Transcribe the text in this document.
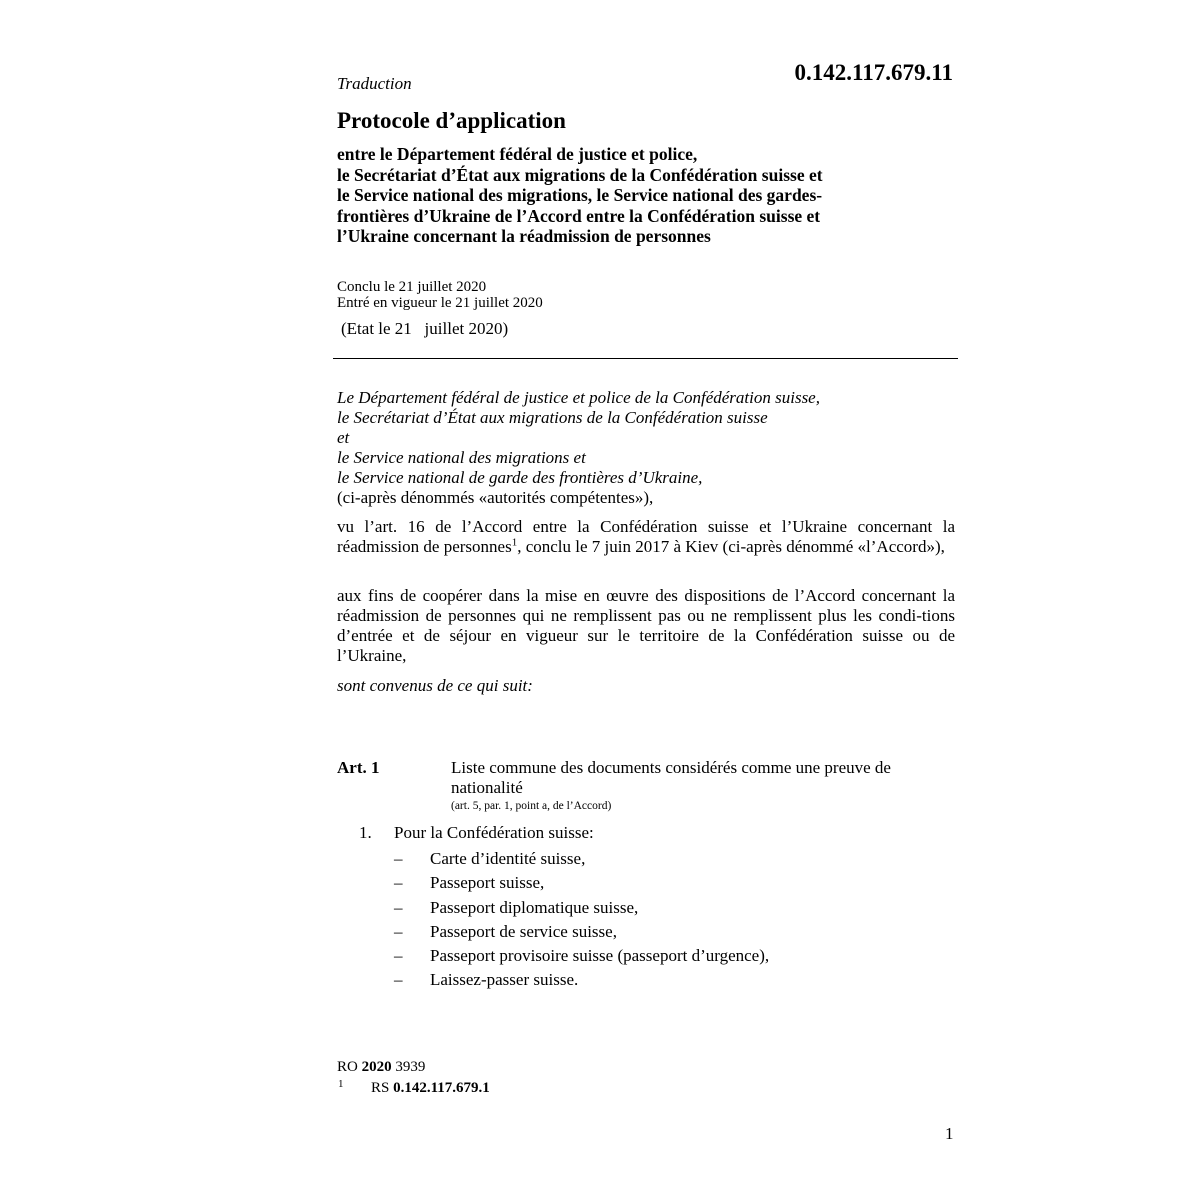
0.142.117.679.11
Traduction
Protocole d’application
entre le Département fédéral de justice et police,
le Secrétariat d’État aux migrations de la Confédération suisse et
le Service national des migrations, le Service national des gardes-
frontières d’Ukraine de l’Accord entre la Confédération suisse et
l’Ukraine concernant la réadmission de personnes
Conclu le 21 juillet 2020
Entré en vigueur le 21 juillet 2020
(Etat le 21   juillet 2020)
Le Département fédéral de justice et police de la Confédération suisse,
le Secrétariat d’État aux migrations de la Confédération suisse
et
le Service national des migrations et
le Service national de garde des frontières d’Ukraine,
(ci-après dénommés «autorités compétentes»),
vu l’art. 16 de l’Accord entre la Confédération suisse et l’Ukraine concernant la réadmission de personnes$^1$, conclu le 7 juin 2017 à Kiev (ci-après dénommé «l’Accord»),
aux fins de coopérer dans la mise en œuvre des dispositions de l’Accord concernant la réadmission de personnes qui ne remplissent pas ou ne remplissent plus les condi-tions d’entrée et de séjour en vigueur sur le territoire de la Confédération suisse ou de l’Ukraine,
sont convenus de ce qui suit:
Art. 1	Liste commune des documents considérés comme une preuve de nationalité
(art. 5, par. 1, point a, de l’Accord)
1. Pour la Confédération suisse:
–	Carte d’identité suisse,
–	Passeport suisse,
–	Passeport diplomatique suisse,
–	Passeport de service suisse,
–	Passeport provisoire suisse (passeport d’urgence),
–	Laissez-passer suisse.
RO 2020 3939
1 RS 0.142.117.679.1
1
